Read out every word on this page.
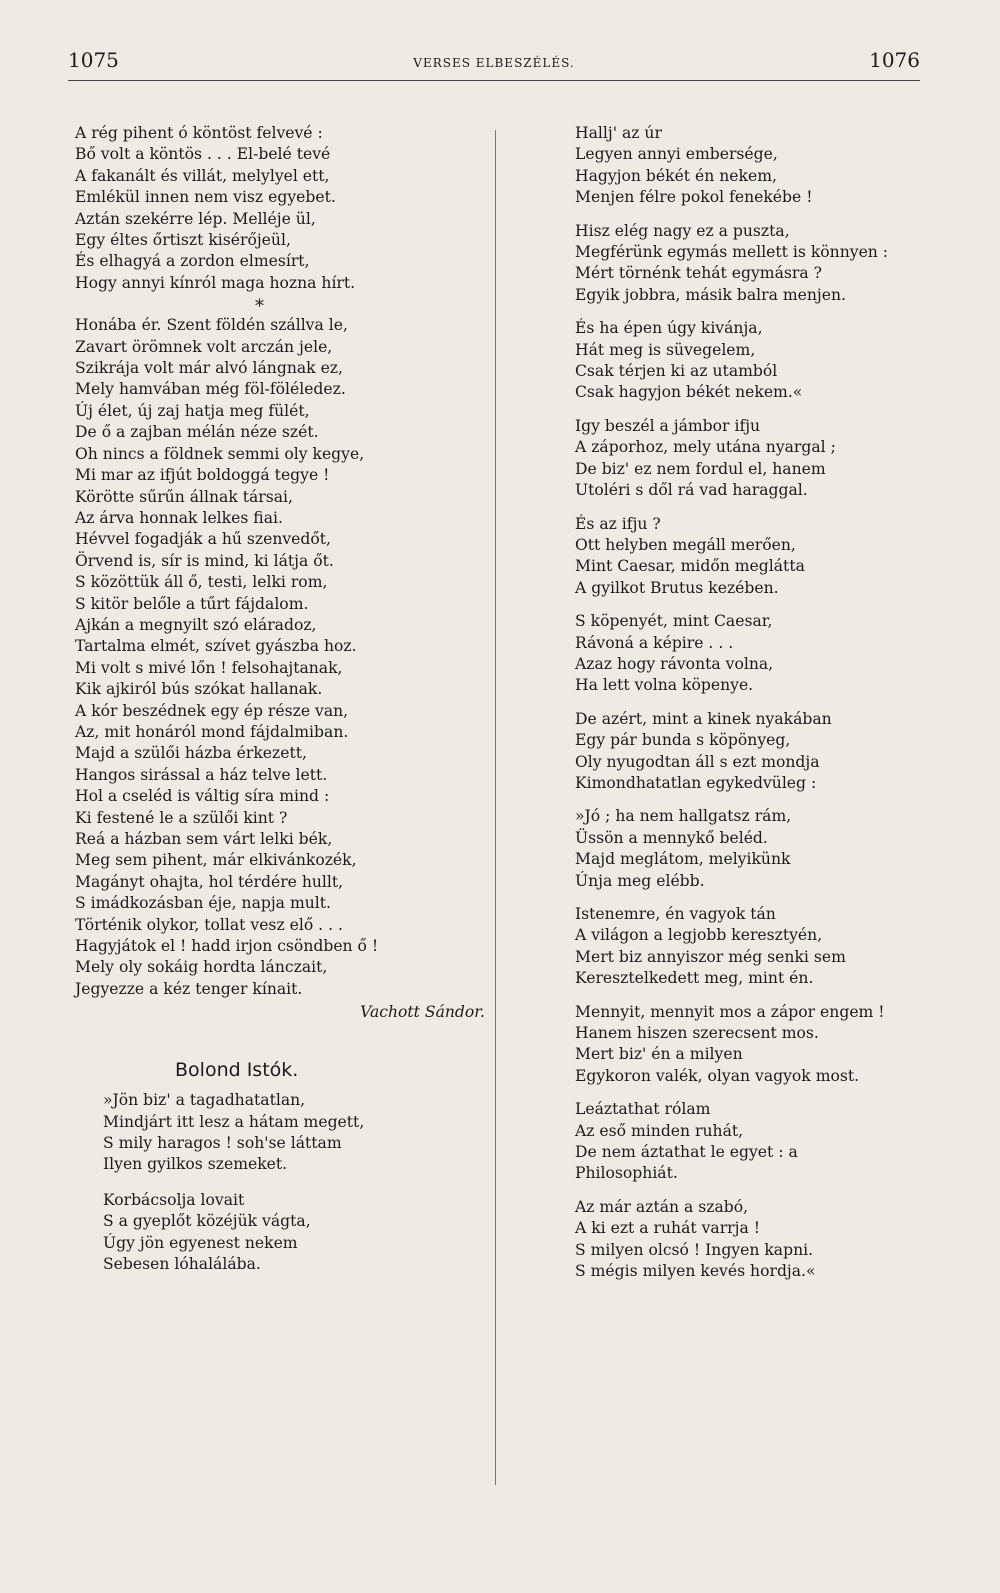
1075	VERSES ELBESZÉLÉS.	1076
A rég pihent ó köntöst felvevé :
Bő volt a köntös . . . El-belé tevé
A fakanált és villát, melylyel ett,
Emlékül innen nem visz egyebet.
Aztán szekérre lép. Melléje ül,
Egy éltes őrtiszt kisérőjeül,
És elhagyá a zordon elmesírt,
Hogy annyi kínról maga hozna hírt.
*
Honába ér. Szent földén szállva le,
Zavart örömnek volt arczán jele,
Szikrája volt már alvó lángnak ez,
Mely hamvában még föl-föléledez.
Új élet, új zaj hatja meg fülét,
De ő a zajban mélán néze szét.
Oh nincs a földnek semmi oly kegye,
Mi mar az ifjút boldoggá tegye !
Körötte sűrűn állnak társai,
Az árva honnak lelkes fiai.
Hévvel fogadják a hű szenvedőt,
Örvend is, sír is mind, ki látja őt.
S közöttük áll ő, testi, lelki rom,
S kitör belőle a tűrt fájdalom.
Ajkán a megnyilt szó eláradoz,
Tartalma elmét, szívet gyászba hoz.
Mi volt s mivé lőn ! felsohajtanak,
Kik ajkiról bús szókat hallanak.
A kór beszédnek egy ép része van,
Az, mit honáról mond fájdalmiban.
Majd a szülői házba érkezett,
Hangos sirással a ház telve lett.
Hol a cseléd is váltig síra mind :
Ki festené le a szülői kint ?
Reá a házban sem várt lelki bék,
Meg sem pihent, már elkivánkozék,
Magányt ohajta, hol térdére hullt,
S imádkozásban éje, napja mult.
Történik olykor, tollat vesz elő . . .
Hagyjátok el ! hadd irjon csöndben ő !
Mely oly sokáig hordta lánczait,
Jegyezze a kéz tenger kínait.
Vachott Sándor.
Bolond Istók.
»Jön biz' a tagadhatatlan,
Mindjárt itt lesz a hátam megett,
S mily haragos ! soh'se láttam
Ilyen gyilkos szemeket.
Korbácsolja lovait
S a gyeplőt közéjük vágta,
Úgy jön egyenest nekem
Sebesen lóhalálába.
Hallj' az úr
Legyen annyi embersége,
Hagyjon békét én nekem,
Menjen félre pokol fenekébe !
Hisz elég nagy ez a puszta,
Megférünk egymás mellett is könnyen :
Mért törnénk tehát egymásra ?
Egyik jobbra, másik balra menjen.
És ha épen úgy kivánja,
Hát meg is süvegelem,
Csak térjen ki az utamból
Csak hagyjon békét nekem.«
Igy beszél a jámbor ifju
A záporhoz, mely utána nyargal ;
De biz' ez nem fordul el, hanem
Utoléri s dől rá vad haraggal.
És az ifju ?
Ott helyben megáll merően,
Mint Caesar, midőn meglátta
A gyilkot Brutus kezében.
S köpenyét, mint Caesar,
Rávoná a képire . . .
Azaz hogy rávonta volna,
Ha lett volna köpenye.
De azért, mint a kinek nyakában
Egy pár bunda s köpönyeg,
Oly nyugodtan áll s ezt mondja
Kimondhatatlan egykedvüleg :
»Jó ; ha nem hallgatsz rám,
Üssön a mennykő beléd.
Majd meglátom, melyikünk
Únja meg elébb.
Istenemre, én vagyok tán
A világon a legjobb keresztyén,
Mert biz annyiszor még senki sem
Keresztelkedett meg, mint én.
Mennyit, mennyit mos a zápor engem !
Hanem hiszen szerecsent mos.
Mert biz' én a milyen
Egykoron valék, olyan vagyok most.
Leáztathat rólam
Az eső minden ruhát,
De nem áztathat le egyet : a
Philosophiát.
Az már aztán a szabó,
A ki ezt a ruhát varrja !
S milyen olcsó ! Ingyen kapni.
S mégis milyen kevés hordja.«
